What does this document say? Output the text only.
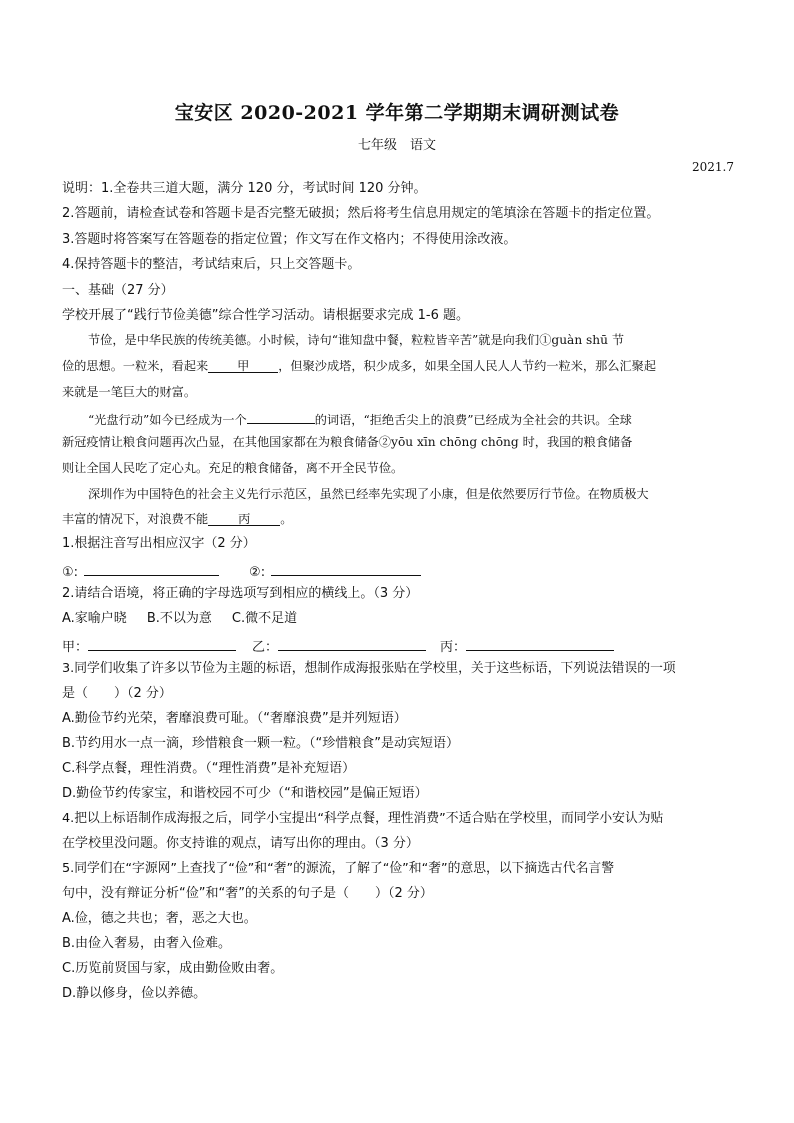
宝安区 2020-2021 学年第二学期期末调研测试卷
七年级　语文
2021.7
说明：1.全卷共三道大题，满分 120 分，考试时间 120 分钟。
2.答题前，请检查试卷和答题卡是否完整无破损；然后将考生信息用规定的笔填涂在答题卡的指定位置。
3.答题时将答案写在答题卷的指定位置；作文写在作文格内；不得使用涂改液。
4.保持答题卡的整洁，考试结束后，只上交答题卡。
一、基础（27 分）
学校开展了“践行节俭美德”综合性学习活动。请根据要求完成 1-6 题。
节俭，是中华民族的传统美德。小时候，诗句“谁知盘中餐，粒粒皆辛苦”就是向我们①guàn shū 节
俭的思想。一粒米，看起来 甲 ，但聚沙成塔，积少成多，如果全国人民人人节约一粒米，那么汇聚起
来就是一笔巨大的财富。
“光盘行动”如今已经成为一个	的词语，“拒绝舌尖上的浪费”已经成为全社会的共识。全球
新冠疫情让粮食问题再次凸显，在其他国家都在为粮食储备②yōu xīn chōng chōng 时，我国的粮食储备
则让全国人民吃了定心丸。充足的粮食储备，离不开全民节俭。
深圳作为中国特色的社会主义先行示范区，虽然已经率先实现了小康，但是依然要厉行节俭。在物质极大
丰富的情况下，对浪费不能 丙 。
1.根据注音写出相应汉字（2 分）
①:	②:
2.请结合语境，将正确的字母选项写到相应的横线上。（3 分）
A.家喻户晓 B.不以为意 C.微不足道
甲：	乙：	丙：
3.同学们收集了许多以节俭为主题的标语，想制作成海报张贴在学校里，关于这些标语，下列说法错误的一项
是（　　）（2 分）
A.勤俭节约光荣，奢靡浪费可耻。（“奢靡浪费”是并列短语）
B.节约用水一点一滴，珍惜粮食一颗一粒。（“珍惜粮食”是动宾短语）
C.科学点餐，理性消费。（“理性消费”是补充短语）
D.勤俭节约传家宝，和谐校园不可少（“和谐校园”是偏正短语）
4.把以上标语制作成海报之后，同学小宝提出“科学点餐，理性消费”不适合贴在学校里，而同学小安认为贴
在学校里没问题。你支持谁的观点，请写出你的理由。（3 分）
5.同学们在“字源网”上查找了“俭”和“奢”的源流，了解了“俭”和“奢”的意思，以下摘选古代名言警
句中，没有辩证分析“俭”和“奢”的关系的句子是（　　）（2 分）
A.俭，德之共也；奢，恶之大也。
B.由俭入奢易，由奢入俭难。
C.历览前贤国与家，成由勤俭败由奢。
D.静以修身，俭以养德。
